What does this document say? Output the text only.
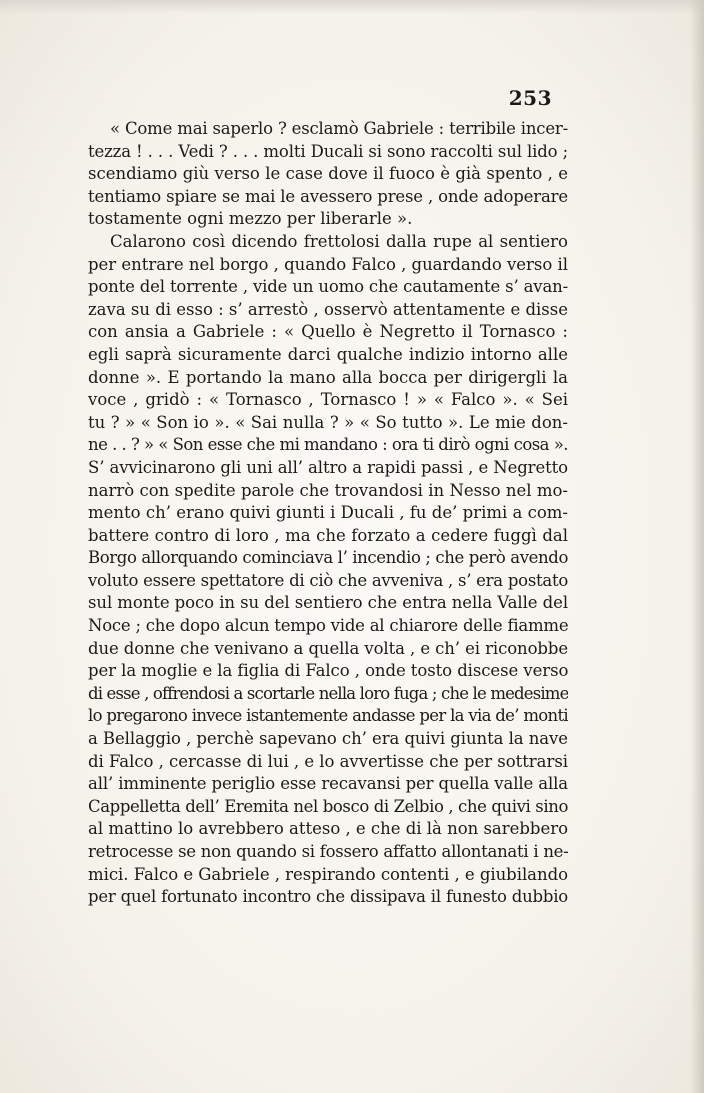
253
« Come mai saperlo ? esclamò Gabriele : terribile incer-
tezza ! . . . Vedi ? . . . molti Ducali si sono raccolti sul lido ;
scendiamo giù verso le case dove il fuoco è già spento , e
tentiamo spiare se mai le avessero prese , onde adoperare
tostamente ogni mezzo per liberarle ».
Calarono così dicendo frettolosi dalla rupe al sentiero
per entrare nel borgo , quando Falco , guardando verso il
ponte del torrente , vide un uomo che cautamente s’ avan-
zava su di esso : s’ arrestò , osservò attentamente e disse
con ansia a Gabriele : « Quello è Negretto il Tornasco :
egli saprà sicuramente darci qualche indizio intorno alle
donne ». E portando la mano alla bocca per dirigergli la
voce , gridò : « Tornasco , Tornasco ! » « Falco ». « Sei
tu ? » « Son io ». « Sai nulla ? » « So tutto ». Le mie don-
ne . . ? » « Son esse che mi mandano : ora ti dirò ogni cosa ».
S’ avvicinarono gli uni all’ altro a rapidi passi , e Negretto
narrò con spedite parole che trovandosi in Nesso nel mo-
mento ch’ erano quivi giunti i Ducali , fu de’ primi a com-
battere contro di loro , ma che forzato a cedere fuggì dal
Borgo allorquando cominciava l’ incendio ; che però avendo
voluto essere spettatore di ciò che avveniva , s’ era postato
sul monte poco in su del sentiero che entra nella Valle del
Noce ; che dopo alcun tempo vide al chiarore delle fiamme
due donne che venivano a quella volta , e ch’ ei riconobbe
per la moglie e la figlia di Falco , onde tosto discese verso
di esse , offrendosi a scortarle nella loro fuga ; che le medesime
lo pregarono invece istantemente andasse per la via de’ monti
a Bellaggio , perchè sapevano ch’ era quivi giunta la nave
di Falco , cercasse di lui , e lo avvertisse che per sottrarsi
all’ imminente periglio esse recavansi per quella valle alla
Cappelletta dell’ Eremita nel bosco di Zelbio , che quivi sino
al mattino lo avrebbero atteso , e che di là non sarebbero
retrocesse se non quando si fossero affatto allontanati i ne-
mici. Falco e Gabriele , respirando contenti , e giubilando
per quel fortunato incontro che dissipava il funesto dubbio
